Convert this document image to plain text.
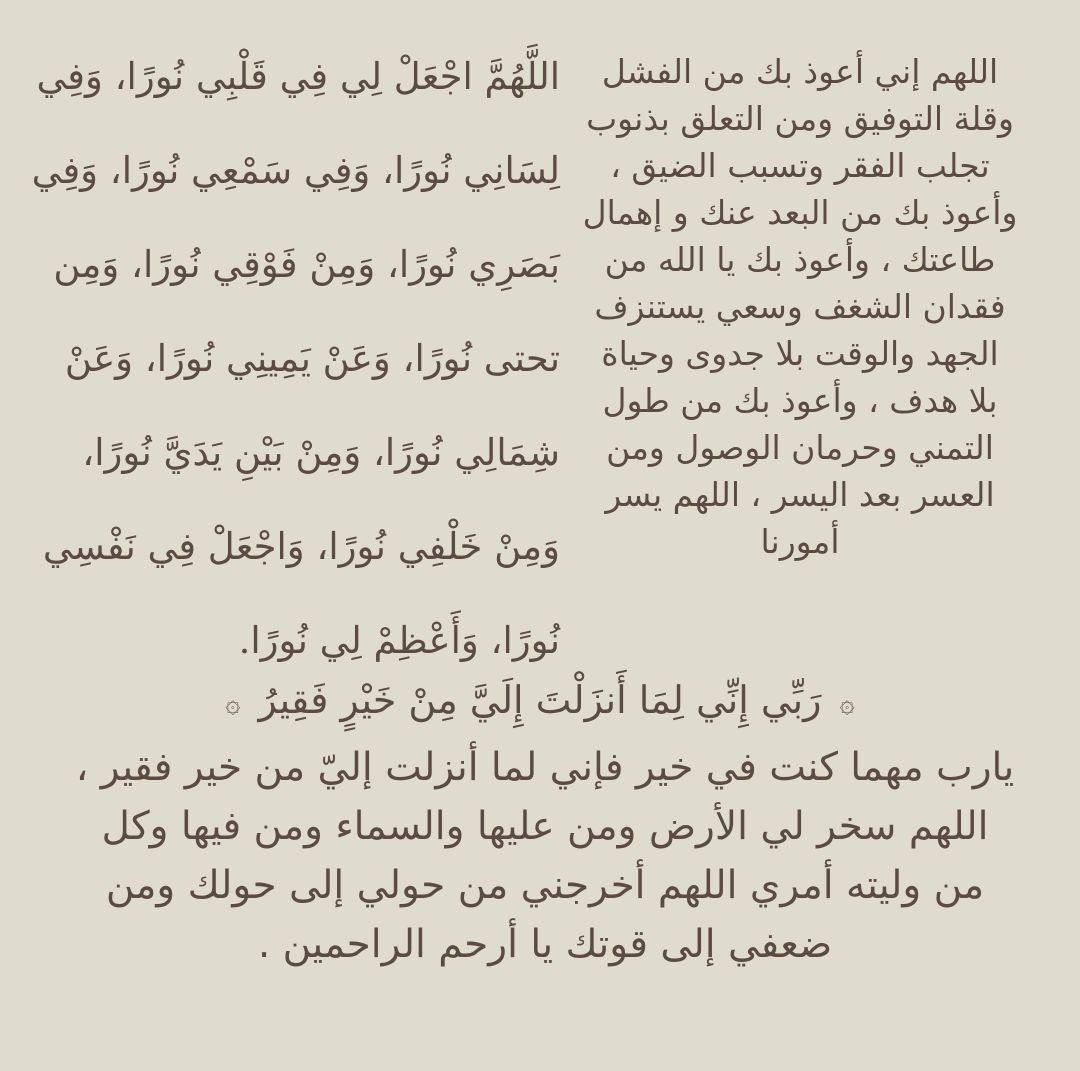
اللَّهُمَّ اجْعَلْ لِي فِي قَلْبِي نُورًا، وَفِي
لِسَانِي نُورًا، وَفِي سَمْعِي نُورًا، وَفِي
بَصَرِي نُورًا، وَمِنْ فَوْقِي نُورًا، وَمِن
تحتى نُورًا، وَعَنْ يَمِينِي نُورًا، وَعَنْ
شِمَالِي نُورًا، وَمِنْ بَيْنِ يَدَيَّ نُورًا،
وَمِنْ خَلْفِي نُورًا، وَاجْعَلْ فِي نَفْسِي
نُورًا، وَأَعْظِمْ لِي نُورًا.
اللهم إني أعوذ بك من الفشل
وقلة التوفيق ومن التعلق بذنوب
تجلب الفقر وتسبب الضيق ،
وأعوذ بك من البعد عنك و إهمال
طاعتك ، وأعوذ بك يا الله من
فقدان الشغف وسعي يستنزف
الجهد والوقت بلا جدوى وحياة
بلا هدف ، وأعوذ بك من طول
التمني وحرمان الوصول ومن
العسر بعد اليسر ، اللهم يسر
أمورنا
۞ رَبِّي إِنِّي لِمَا أَنزَلْتَ إِلَيَّ مِنْ خَيْرٍ فَقِيرُ ۞
يارب مهما كنت في خير فإني لما أنزلت إليّ من خير فقير ،
اللهم سخر لي الأرض ومن عليها والسماء ومن فيها وكل
من وليته أمري اللهم أخرجني من حولي إلى حولك ومن
ضعفي إلى قوتك يا أرحم الراحمين .
